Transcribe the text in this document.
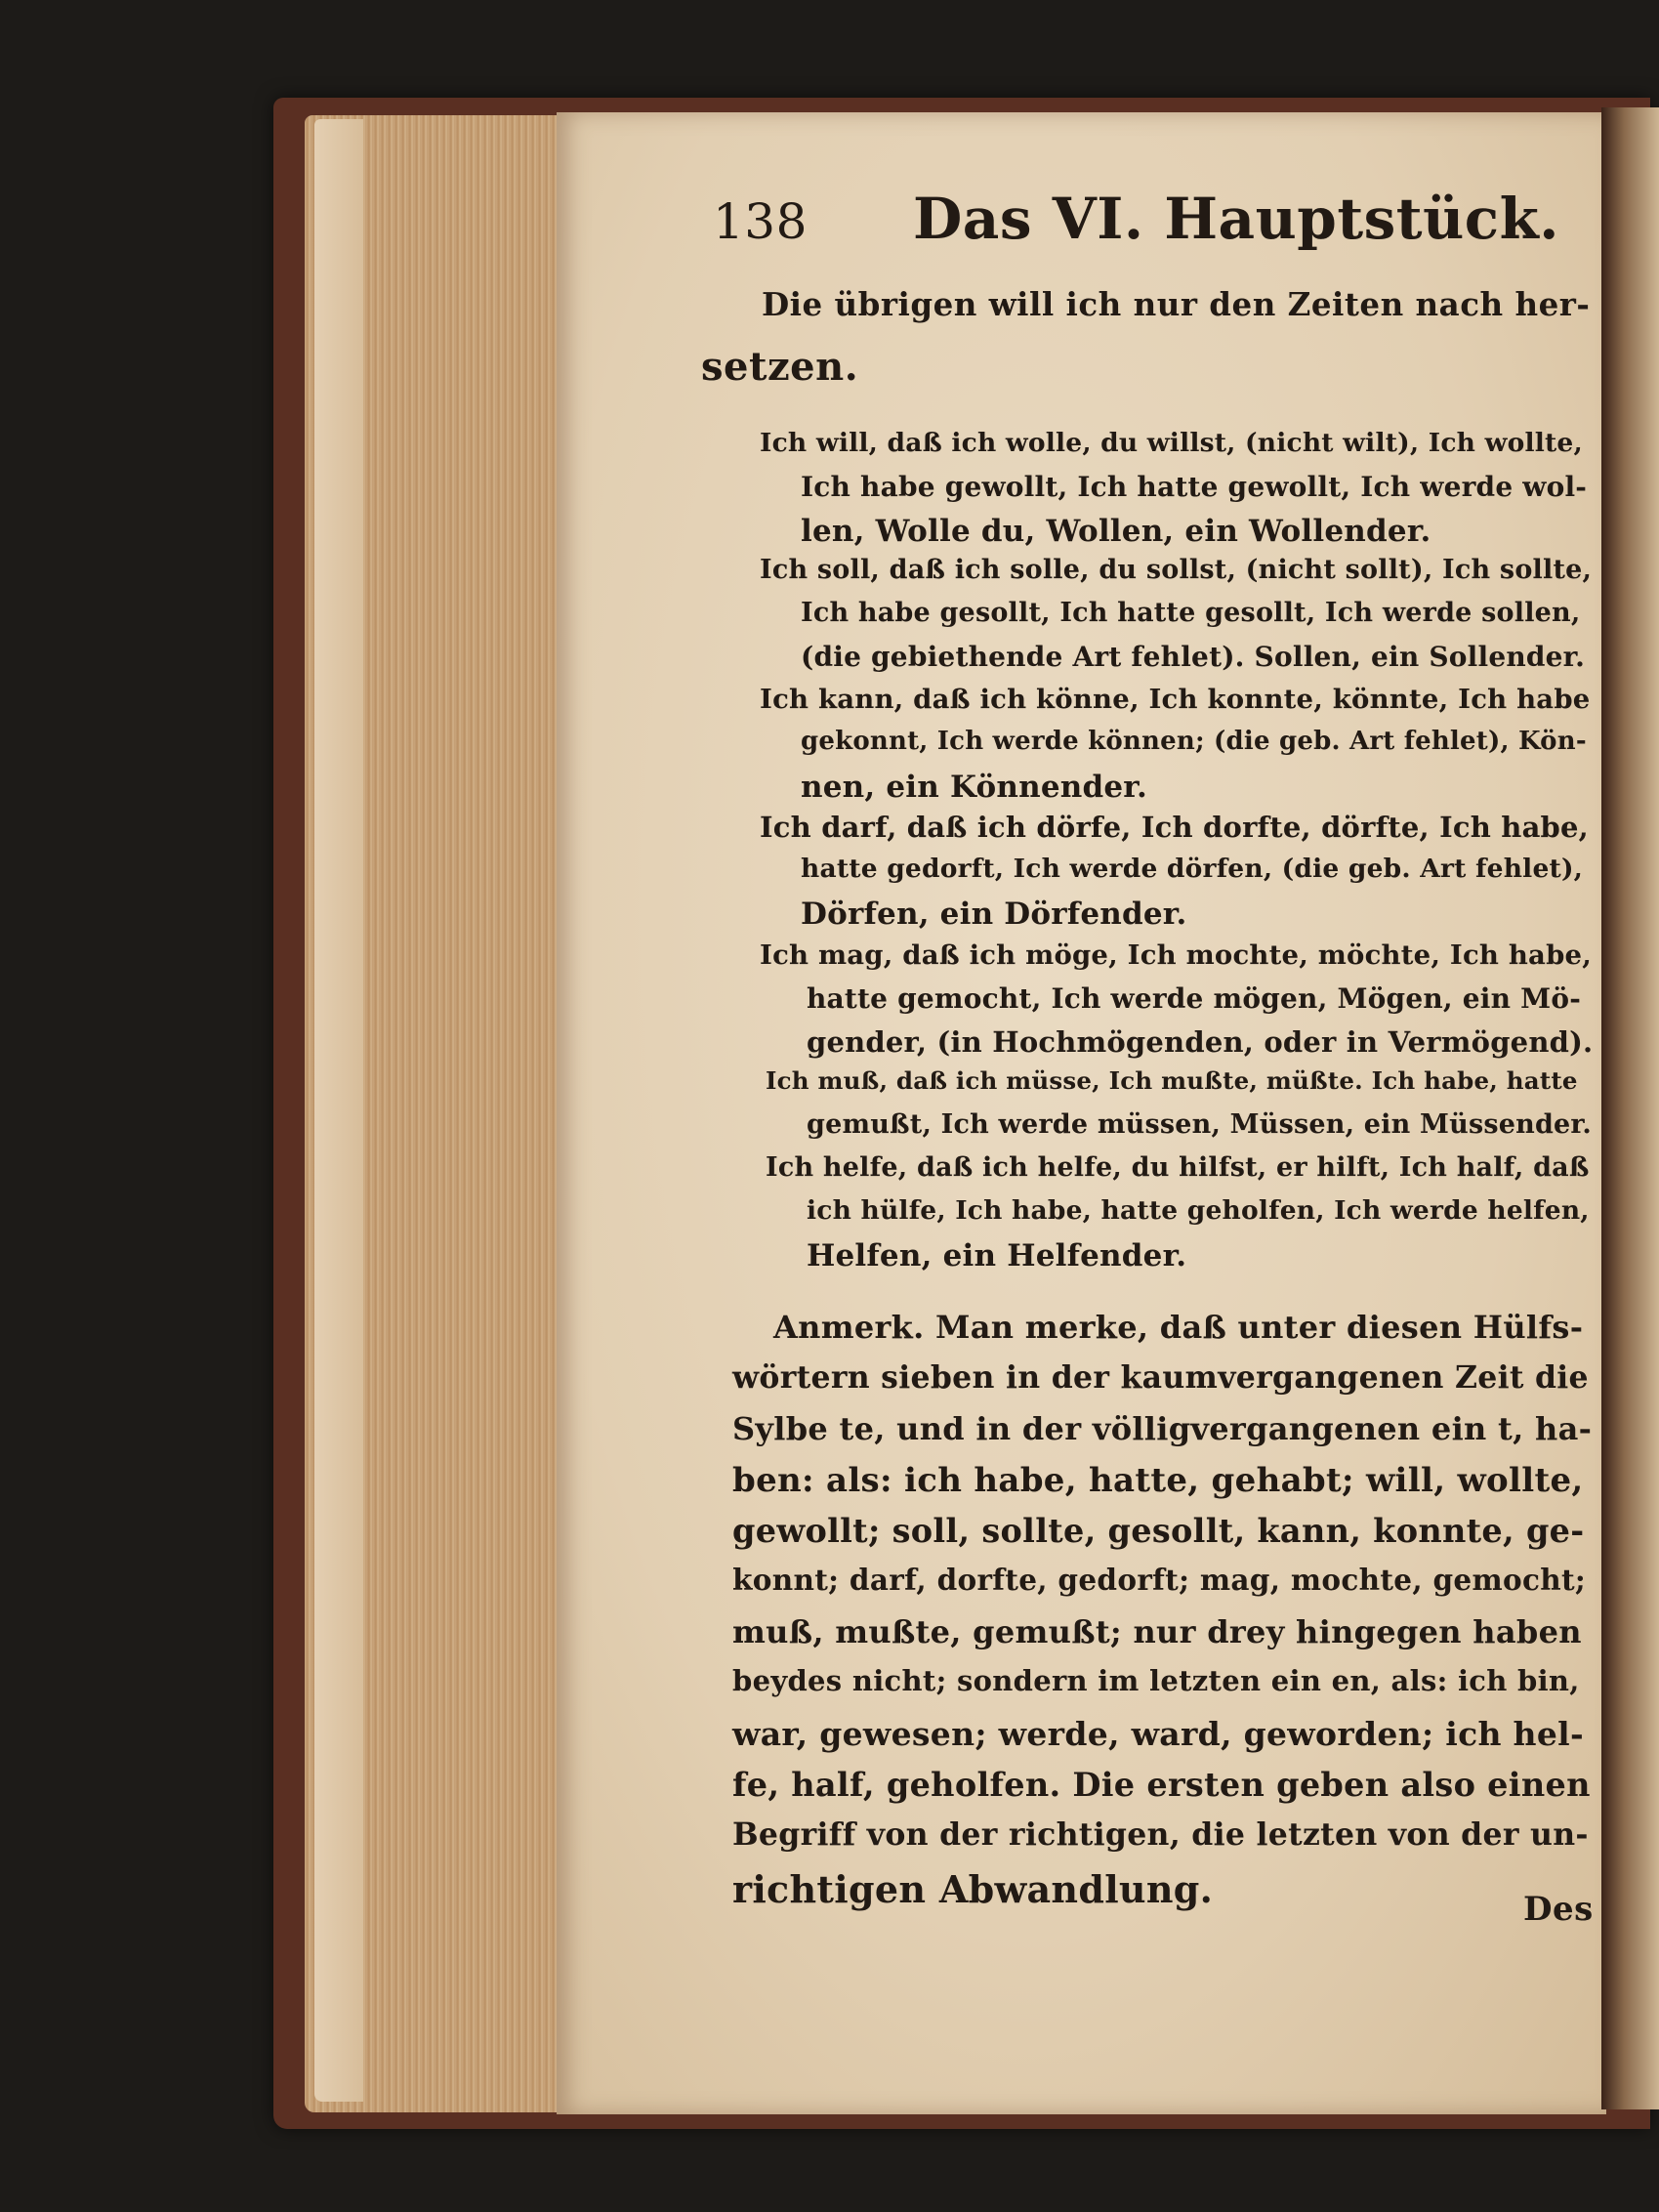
138 Das VI. Hauptstück.
Die übrigen will ich nur den Zeiten nach her-
setzen.
Ich will, daß ich wolle, du willst, (nicht wilt), Ich wollte,
Ich habe gewollt, Ich hatte gewollt, Ich werde wol-
len, Wolle du, Wollen, ein Wollender.
Ich soll, daß ich solle, du sollst, (nicht sollt), Ich sollte,
Ich habe gesollt, Ich hatte gesollt, Ich werde sollen,
(die gebiethende Art fehlet). Sollen, ein Sollender.
Ich kann, daß ich könne, Ich konnte, könnte, Ich habe
gekonnt, Ich werde können; (die geb. Art fehlet), Kön-
nen, ein Könnender.
Ich darf, daß ich dörfe, Ich dorfte, dörfte, Ich habe,
hatte gedorft, Ich werde dörfen, (die geb. Art fehlet),
Dörfen, ein Dörfender.
Ich mag, daß ich möge, Ich mochte, möchte, Ich habe,
hatte gemocht, Ich werde mögen, Mögen, ein Mö-
gender, (in Hochmögenden, oder in Vermögend).
Ich muß, daß ich müsse, Ich mußte, müßte. Ich habe, hatte
gemußt, Ich werde müssen, Müssen, ein Müssender.
Ich helfe, daß ich helfe, du hilfst, er hilft, Ich half, daß
ich hülfe, Ich habe, hatte geholfen, Ich werde helfen,
Helfen, ein Helfender.
Anmerk. Man merke, daß unter diesen Hülfs-
wörtern sieben in der kaumvergangenen Zeit die
Sylbe te, und in der völligvergangenen ein t, ha-
ben: als: ich habe, hatte, gehabt; will, wollte,
gewollt; soll, sollte, gesollt, kann, konnte, ge-
konnt; darf, dorfte, gedorft; mag, mochte, gemocht;
muß, mußte, gemußt; nur drey hingegen haben
beydes nicht; sondern im letzten ein en, als: ich bin,
war, gewesen; werde, ward, geworden; ich hel-
fe, half, geholfen. Die ersten geben also einen
Begriff von der richtigen, die letzten von der un-
richtigen Abwandlung.	Des
